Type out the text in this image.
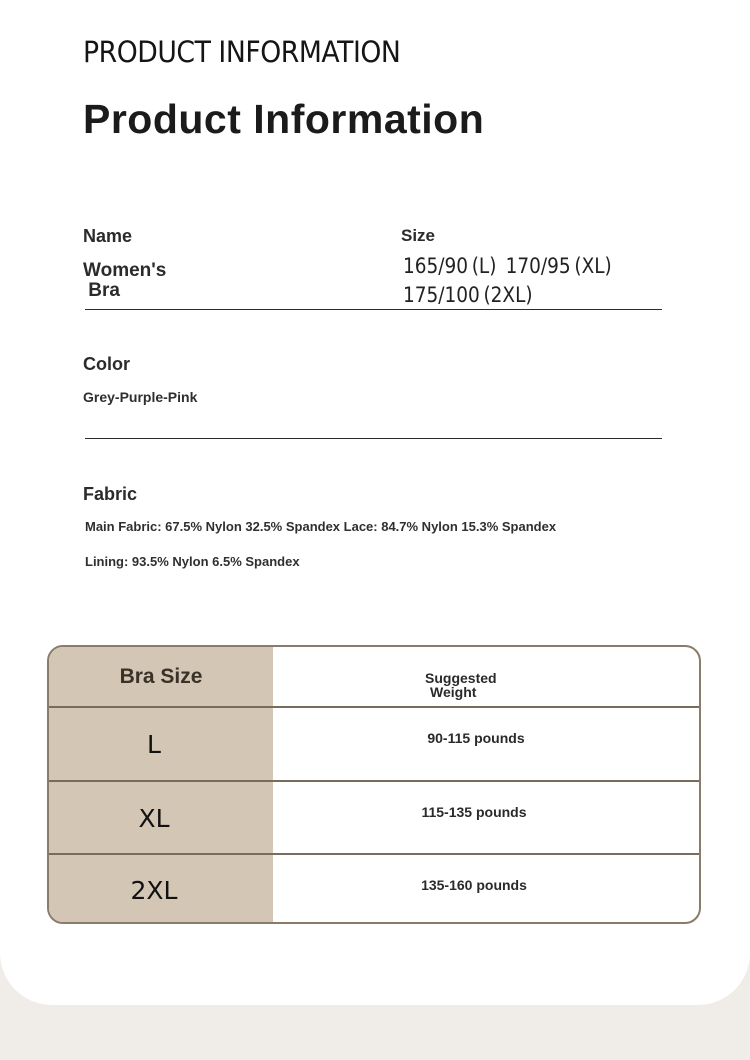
PRODUCT INFORMATION
Product Information
Name
Women's
Bra
Size
165/90 (L) 170/95 (XL)
175/100 (2XL)
Color
Grey-Purple-Pink
Fabric
Main Fabric: 67.5% Nylon 32.5% Spandex Lace: 84.7% Nylon 15.3% Spandex
Lining: 93.5% Nylon 6.5% Spandex
Bra Size	Suggested
Weight
L	90-115 pounds
XL	115-135 pounds
2XL	135-160 pounds
